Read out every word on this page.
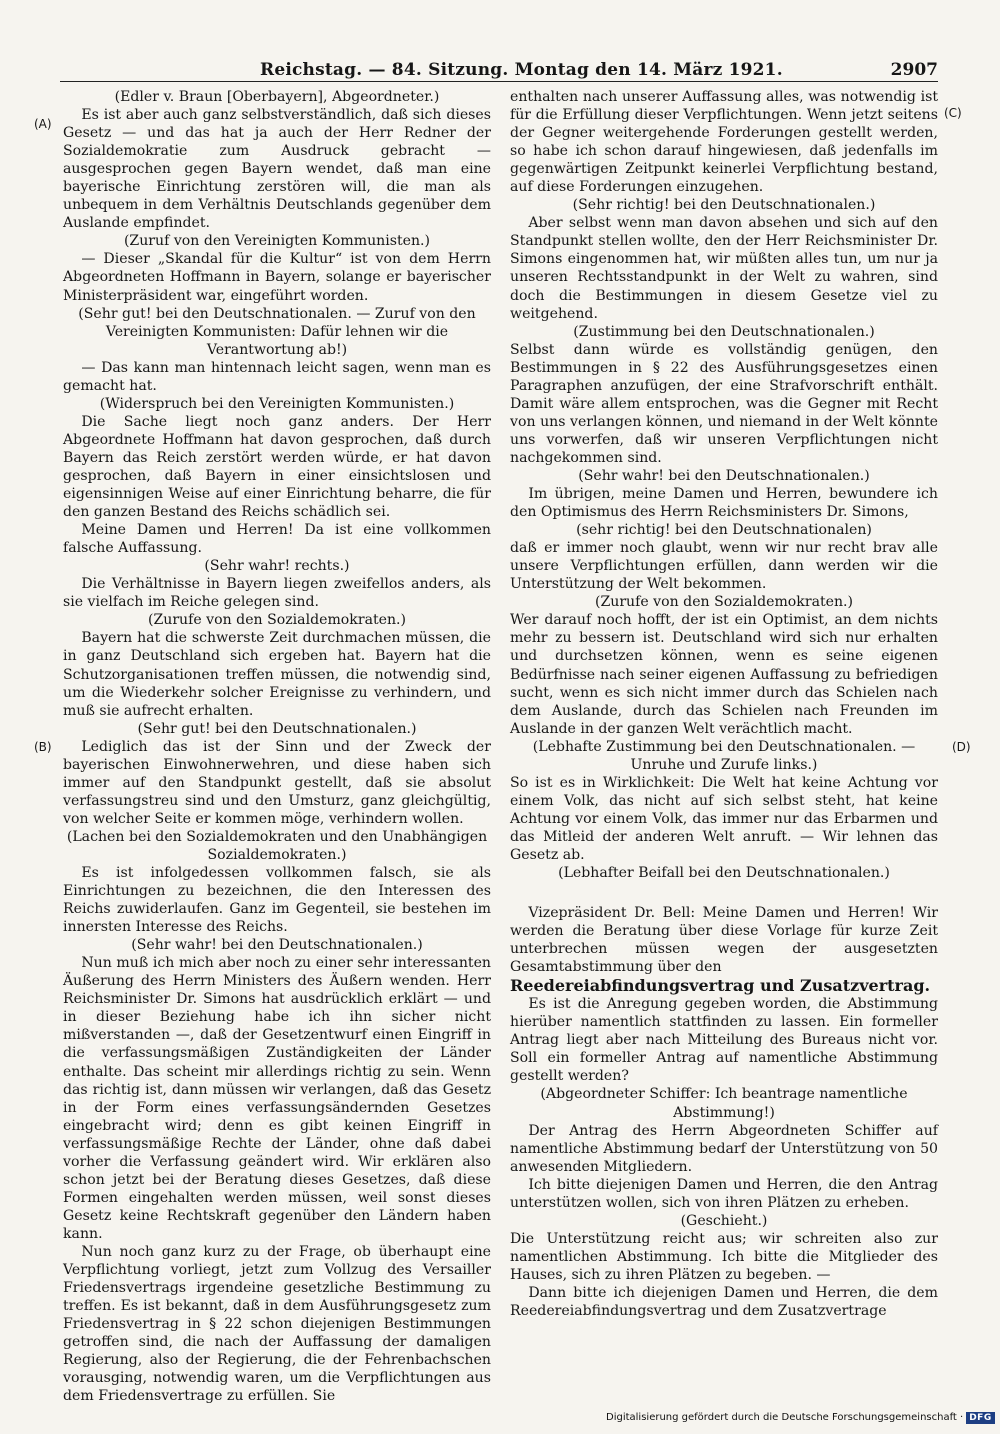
Reichstag. — 84. Sitzung. Montag den 14. März 1921.	2907
(A)
(B)
(C)
(D)

(Edler v. Braun [Oberbayern], Abgeordneter.)

Es ist aber auch ganz selbstverständlich, daß sich dieses Gesetz — und das hat ja auch der Herr Redner der Sozialdemokratie zum Ausdruck gebracht — ausgesprochen gegen Bayern wendet, daß man eine bayerische Einrichtung zerstören will, die man als unbequem in dem Verhältnis Deutschlands gegenüber dem Auslande empfindet.

(Zuruf von den Vereinigten Kommunisten.)

— Dieser „Skandal für die Kultur“ ist von dem Herrn Abgeordneten Hoffmann in Bayern, solange er bayerischer Ministerpräsident war, eingeführt worden.

(Sehr gut! bei den Deutschnationalen. — Zuruf von den Vereinigten Kommunisten: Dafür lehnen wir die Verantwortung ab!)

— Das kann man hintennach leicht sagen, wenn man es gemacht hat.

(Widerspruch bei den Vereinigten Kommunisten.)

Die Sache liegt noch ganz anders. Der Herr Abgeordnete Hoffmann hat davon gesprochen, daß durch Bayern das Reich zerstört werden würde, er hat davon gesprochen, daß Bayern in einer einsichtslosen und eigensinnigen Weise auf einer Einrichtung beharre, die für den ganzen Bestand des Reichs schädlich sei.

Meine Damen und Herren! Da ist eine vollkommen falsche Auffassung.

(Sehr wahr! rechts.)

Die Verhältnisse in Bayern liegen zweifellos anders, als sie vielfach im Reiche gelegen sind.

(Zurufe von den Sozialdemokraten.)

Bayern hat die schwerste Zeit durchmachen müssen, die in ganz Deutschland sich ergeben hat. Bayern hat die Schutzorganisationen treffen müssen, die notwendig sind, um die Wiederkehr solcher Ereignisse zu verhindern, und muß sie aufrecht erhalten.

(Sehr gut! bei den Deutschnationalen.)

Lediglich das ist der Sinn und der Zweck der bayerischen Einwohnerwehren, und diese haben sich immer auf den Standpunkt gestellt, daß sie absolut verfassungstreu sind und den Umsturz, ganz gleichgültig, von welcher Seite er kommen möge, verhindern wollen.

(Lachen bei den Sozialdemokraten und den Unabhängigen Sozialdemokraten.)

Es ist infolgedessen vollkommen falsch, sie als Einrichtungen zu bezeichnen, die den Interessen des Reichs zuwiderlaufen. Ganz im Gegenteil, sie bestehen im innersten Interesse des Reichs.

(Sehr wahr! bei den Deutschnationalen.)

Nun muß ich mich aber noch zu einer sehr interessanten Äußerung des Herrn Ministers des Äußern wenden. Herr Reichsminister Dr. Simons hat ausdrücklich erklärt — und in dieser Beziehung habe ich ihn sicher nicht mißverstanden —, daß der Gesetzentwurf einen Eingriff in die verfassungsmäßigen Zuständigkeiten der Länder enthalte. Das scheint mir allerdings richtig zu sein. Wenn das richtig ist, dann müssen wir verlangen, daß das Gesetz in der Form eines verfassungsändernden Gesetzes eingebracht wird; denn es gibt keinen Eingriff in verfassungsmäßige Rechte der Länder, ohne daß dabei vorher die Verfassung geändert wird. Wir erklären also schon jetzt bei der Beratung dieses Gesetzes, daß diese Formen eingehalten werden müssen, weil sonst dieses Gesetz keine Rechtskraft gegenüber den Ländern haben kann.

Nun noch ganz kurz zu der Frage, ob überhaupt eine Verpflichtung vorliegt, jetzt zum Vollzug des Versailler Friedensvertrags irgendeine gesetzliche Bestimmung zu treffen. Es ist bekannt, daß in dem Ausführungsgesetz zum Friedensvertrag in § 22 schon diejenigen Bestimmungen getroffen sind, die nach der Auffassung der damaligen Regierung, also der Regierung, die der Fehrenbachschen vorausging, notwendig waren, um die Verpflichtungen aus dem Friedensvertrage zu erfüllen. Sie

enthalten nach unserer Auffassung alles, was notwendig ist für die Erfüllung dieser Verpflichtungen. Wenn jetzt seitens der Gegner weitergehende Forderungen gestellt werden, so habe ich schon darauf hingewiesen, daß jedenfalls im gegenwärtigen Zeitpunkt keinerlei Verpflichtung bestand, auf diese Forderungen einzugehen.

(Sehr richtig! bei den Deutschnationalen.)

Aber selbst wenn man davon absehen und sich auf den Standpunkt stellen wollte, den der Herr Reichsminister Dr. Simons eingenommen hat, wir müßten alles tun, um nur ja unseren Rechtsstandpunkt in der Welt zu wahren, sind doch die Bestimmungen in diesem Gesetze viel zu weitgehend.

(Zustimmung bei den Deutschnationalen.)

Selbst dann würde es vollständig genügen, den Bestimmungen in § 22 des Ausführungsgesetzes einen Paragraphen anzufügen, der eine Strafvorschrift enthält. Damit wäre allem entsprochen, was die Gegner mit Recht von uns verlangen können, und niemand in der Welt könnte uns vorwerfen, daß wir unseren Verpflichtungen nicht nachgekommen sind.

(Sehr wahr! bei den Deutschnationalen.)

Im übrigen, meine Damen und Herren, bewundere ich den Optimismus des Herrn Reichsministers Dr. Simons,

(sehr richtig! bei den Deutschnationalen)

daß er immer noch glaubt, wenn wir nur recht brav alle unsere Verpflichtungen erfüllen, dann werden wir die Unterstützung der Welt bekommen.

(Zurufe von den Sozialdemokraten.)

Wer darauf noch hofft, der ist ein Optimist, an dem nichts mehr zu bessern ist. Deutschland wird sich nur erhalten und durchsetzen können, wenn es seine eigenen Bedürfnisse nach seiner eigenen Auffassung zu befriedigen sucht, wenn es sich nicht immer durch das Schielen nach dem Auslande, durch das Schielen nach Freunden im Auslande in der ganzen Welt verächtlich macht.

(Lebhafte Zustimmung bei den Deutschnationalen. — Unruhe und Zurufe links.)

So ist es in Wirklichkeit: Die Welt hat keine Achtung vor einem Volk, das nicht auf sich selbst steht, hat keine Achtung vor einem Volk, das immer nur das Erbarmen und das Mitleid der anderen Welt anruft. — Wir lehnen das Gesetz ab.

(Lebhafter Beifall bei den Deutschnationalen.)

Vizepräsident Dr. Bell: Meine Damen und Herren! Wir werden die Beratung über diese Vorlage für kurze Zeit unterbrechen müssen wegen der ausgesetzten Gesamtabstimmung über den

Reedereiabfindungsvertrag und Zusatzvertrag.

Es ist die Anregung gegeben worden, die Abstimmung hierüber namentlich stattfinden zu lassen. Ein formeller Antrag liegt aber nach Mitteilung des Bureaus nicht vor. Soll ein formeller Antrag auf namentliche Abstimmung gestellt werden?

(Abgeordneter Schiffer: Ich beantrage namentliche Abstimmung!)

Der Antrag des Herrn Abgeordneten Schiffer auf namentliche Abstimmung bedarf der Unterstützung von 50 anwesenden Mitgliedern.

Ich bitte diejenigen Damen und Herren, die den Antrag unterstützen wollen, sich von ihren Plätzen zu erheben.

(Geschieht.)

Die Unterstützung reicht aus; wir schreiten also zur namentlichen Abstimmung. Ich bitte die Mitglieder des Hauses, sich zu ihren Plätzen zu begeben. —

Dann bitte ich diejenigen Damen und Herren, die dem Reedereiabfindungsvertrag und dem Zusatzvertrage

Digitalisierung gefördert durch die Deutsche Forschungsgemeinschaft · DFG
